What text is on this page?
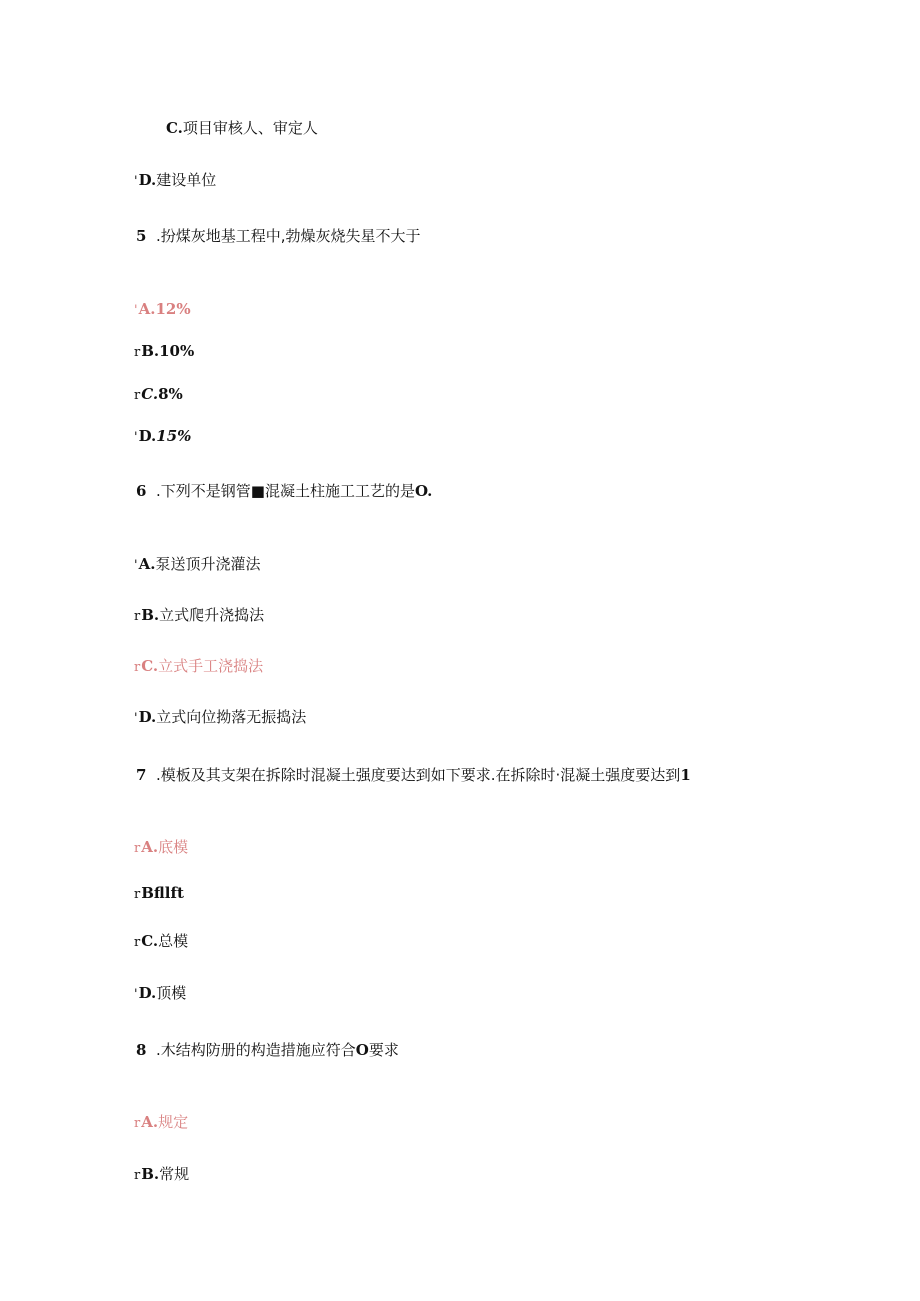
C.项目审核人、审定人
'D.建设单位
5 .扮煤灰地基工程中,勃燥灰烧失星不大于
'A.12%
rB.10%
rC.8%
'D.15%
6 .下列不是钢管■混凝土柱施工工艺的是O.
'A.泵送顶升浇灌法
rB.立式爬升浇捣法
rC.立式手工浇捣法
'D.立式向位拗落无振捣法
7 .模板及其支架在拆除时混凝土强度要达到如下要求.在拆除时·混凝土强度要达到1
rA.底模
rBfllft
rC.总模
'D.顶模
8 .木结构防册的构造措施应符合O要求
rA.规定
rB.常规
